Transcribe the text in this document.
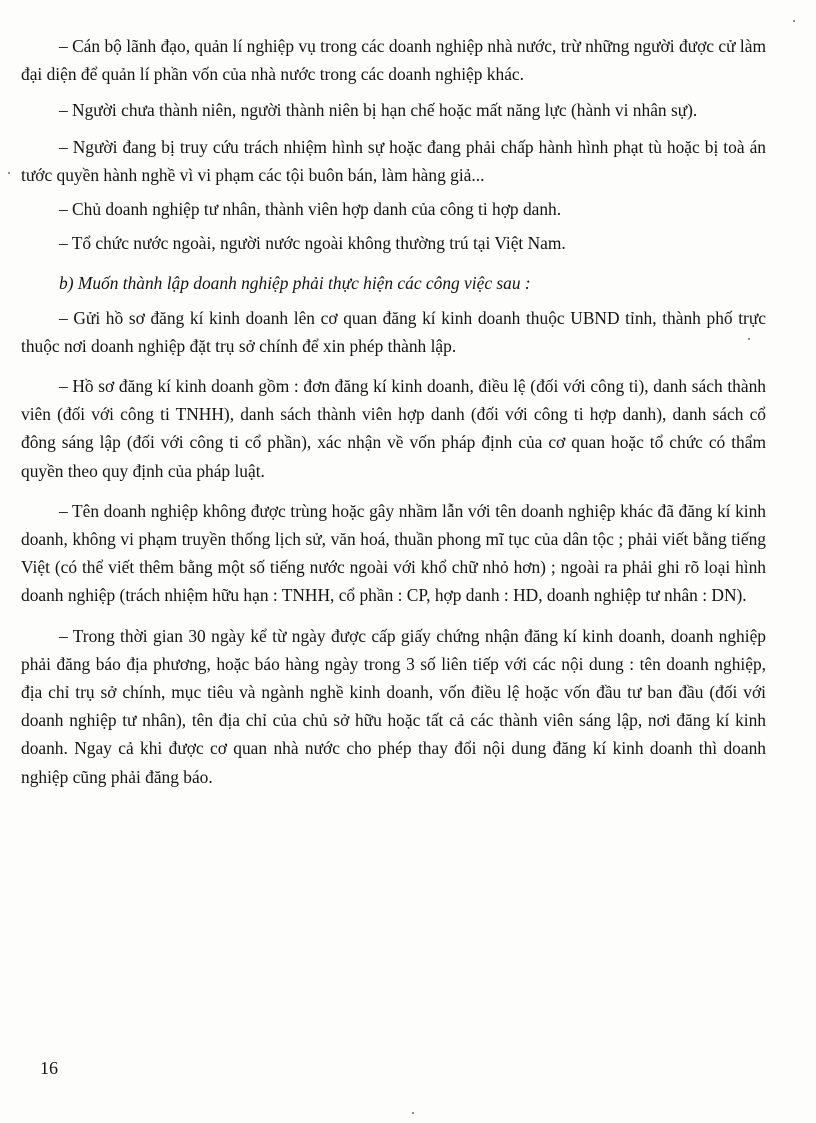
– Cán bộ lãnh đạo, quản lí nghiệp vụ trong các doanh nghiệp nhà nước, trừ những người được cử làm đại diện để quản lí phần vốn của nhà nước trong các doanh nghiệp khác.

– Người chưa thành niên, người thành niên bị hạn chế hoặc mất năng lực (hành vi nhân sự).

– Người đang bị truy cứu trách nhiệm hình sự hoặc đang phải chấp hành hình phạt tù hoặc bị toà án tước quyền hành nghề vì vi phạm các tội buôn bán, làm hàng giả...

– Chủ doanh nghiệp tư nhân, thành viên hợp danh của công ti hợp danh.

– Tổ chức nước ngoài, người nước ngoài không thường trú tại Việt Nam.

b) Muốn thành lập doanh nghiệp phải thực hiện các công việc sau :

– Gửi hồ sơ đăng kí kinh doanh lên cơ quan đăng kí kinh doanh thuộc UBND tỉnh, thành phố trực thuộc nơi doanh nghiệp đặt trụ sở chính để xin phép thành lập.

– Hồ sơ đăng kí kinh doanh gồm : đơn đăng kí kinh doanh, điều lệ (đối với công ti), danh sách thành viên (đối với công ti TNHH), danh sách thành viên hợp danh (đối với công ti hợp danh), danh sách cổ đông sáng lập (đối với công ti cổ phần), xác nhận về vốn pháp định của cơ quan hoặc tổ chức có thẩm quyền theo quy định của pháp luật.

– Tên doanh nghiệp không được trùng hoặc gây nhầm lẫn với tên doanh nghiệp khác đã đăng kí kinh doanh, không vi phạm truyền thống lịch sử, văn hoá, thuần phong mĩ tục của dân tộc ; phải viết bằng tiếng Việt (có thể viết thêm bằng một số tiếng nước ngoài với khổ chữ nhỏ hơn) ; ngoài ra phải ghi rõ loại hình doanh nghiệp (trách nhiệm hữu hạn : TNHH, cổ phần : CP, hợp danh : HD, doanh nghiệp tư nhân : DN).

– Trong thời gian 30 ngày kể từ ngày được cấp giấy chứng nhận đăng kí kinh doanh, doanh nghiệp phải đăng báo địa phương, hoặc báo hàng ngày trong 3 số liên tiếp với các nội dung : tên doanh nghiệp, địa chỉ trụ sở chính, mục tiêu và ngành nghề kinh doanh, vốn điều lệ hoặc vốn đầu tư ban đầu (đối với doanh nghiệp tư nhân), tên địa chỉ của chủ sở hữu hoặc tất cả các thành viên sáng lập, nơi đăng kí kinh doanh. Ngay cả khi được cơ quan nhà nước cho phép thay đổi nội dung đăng kí kinh doanh thì doanh nghiệp cũng phải đăng báo.

16
